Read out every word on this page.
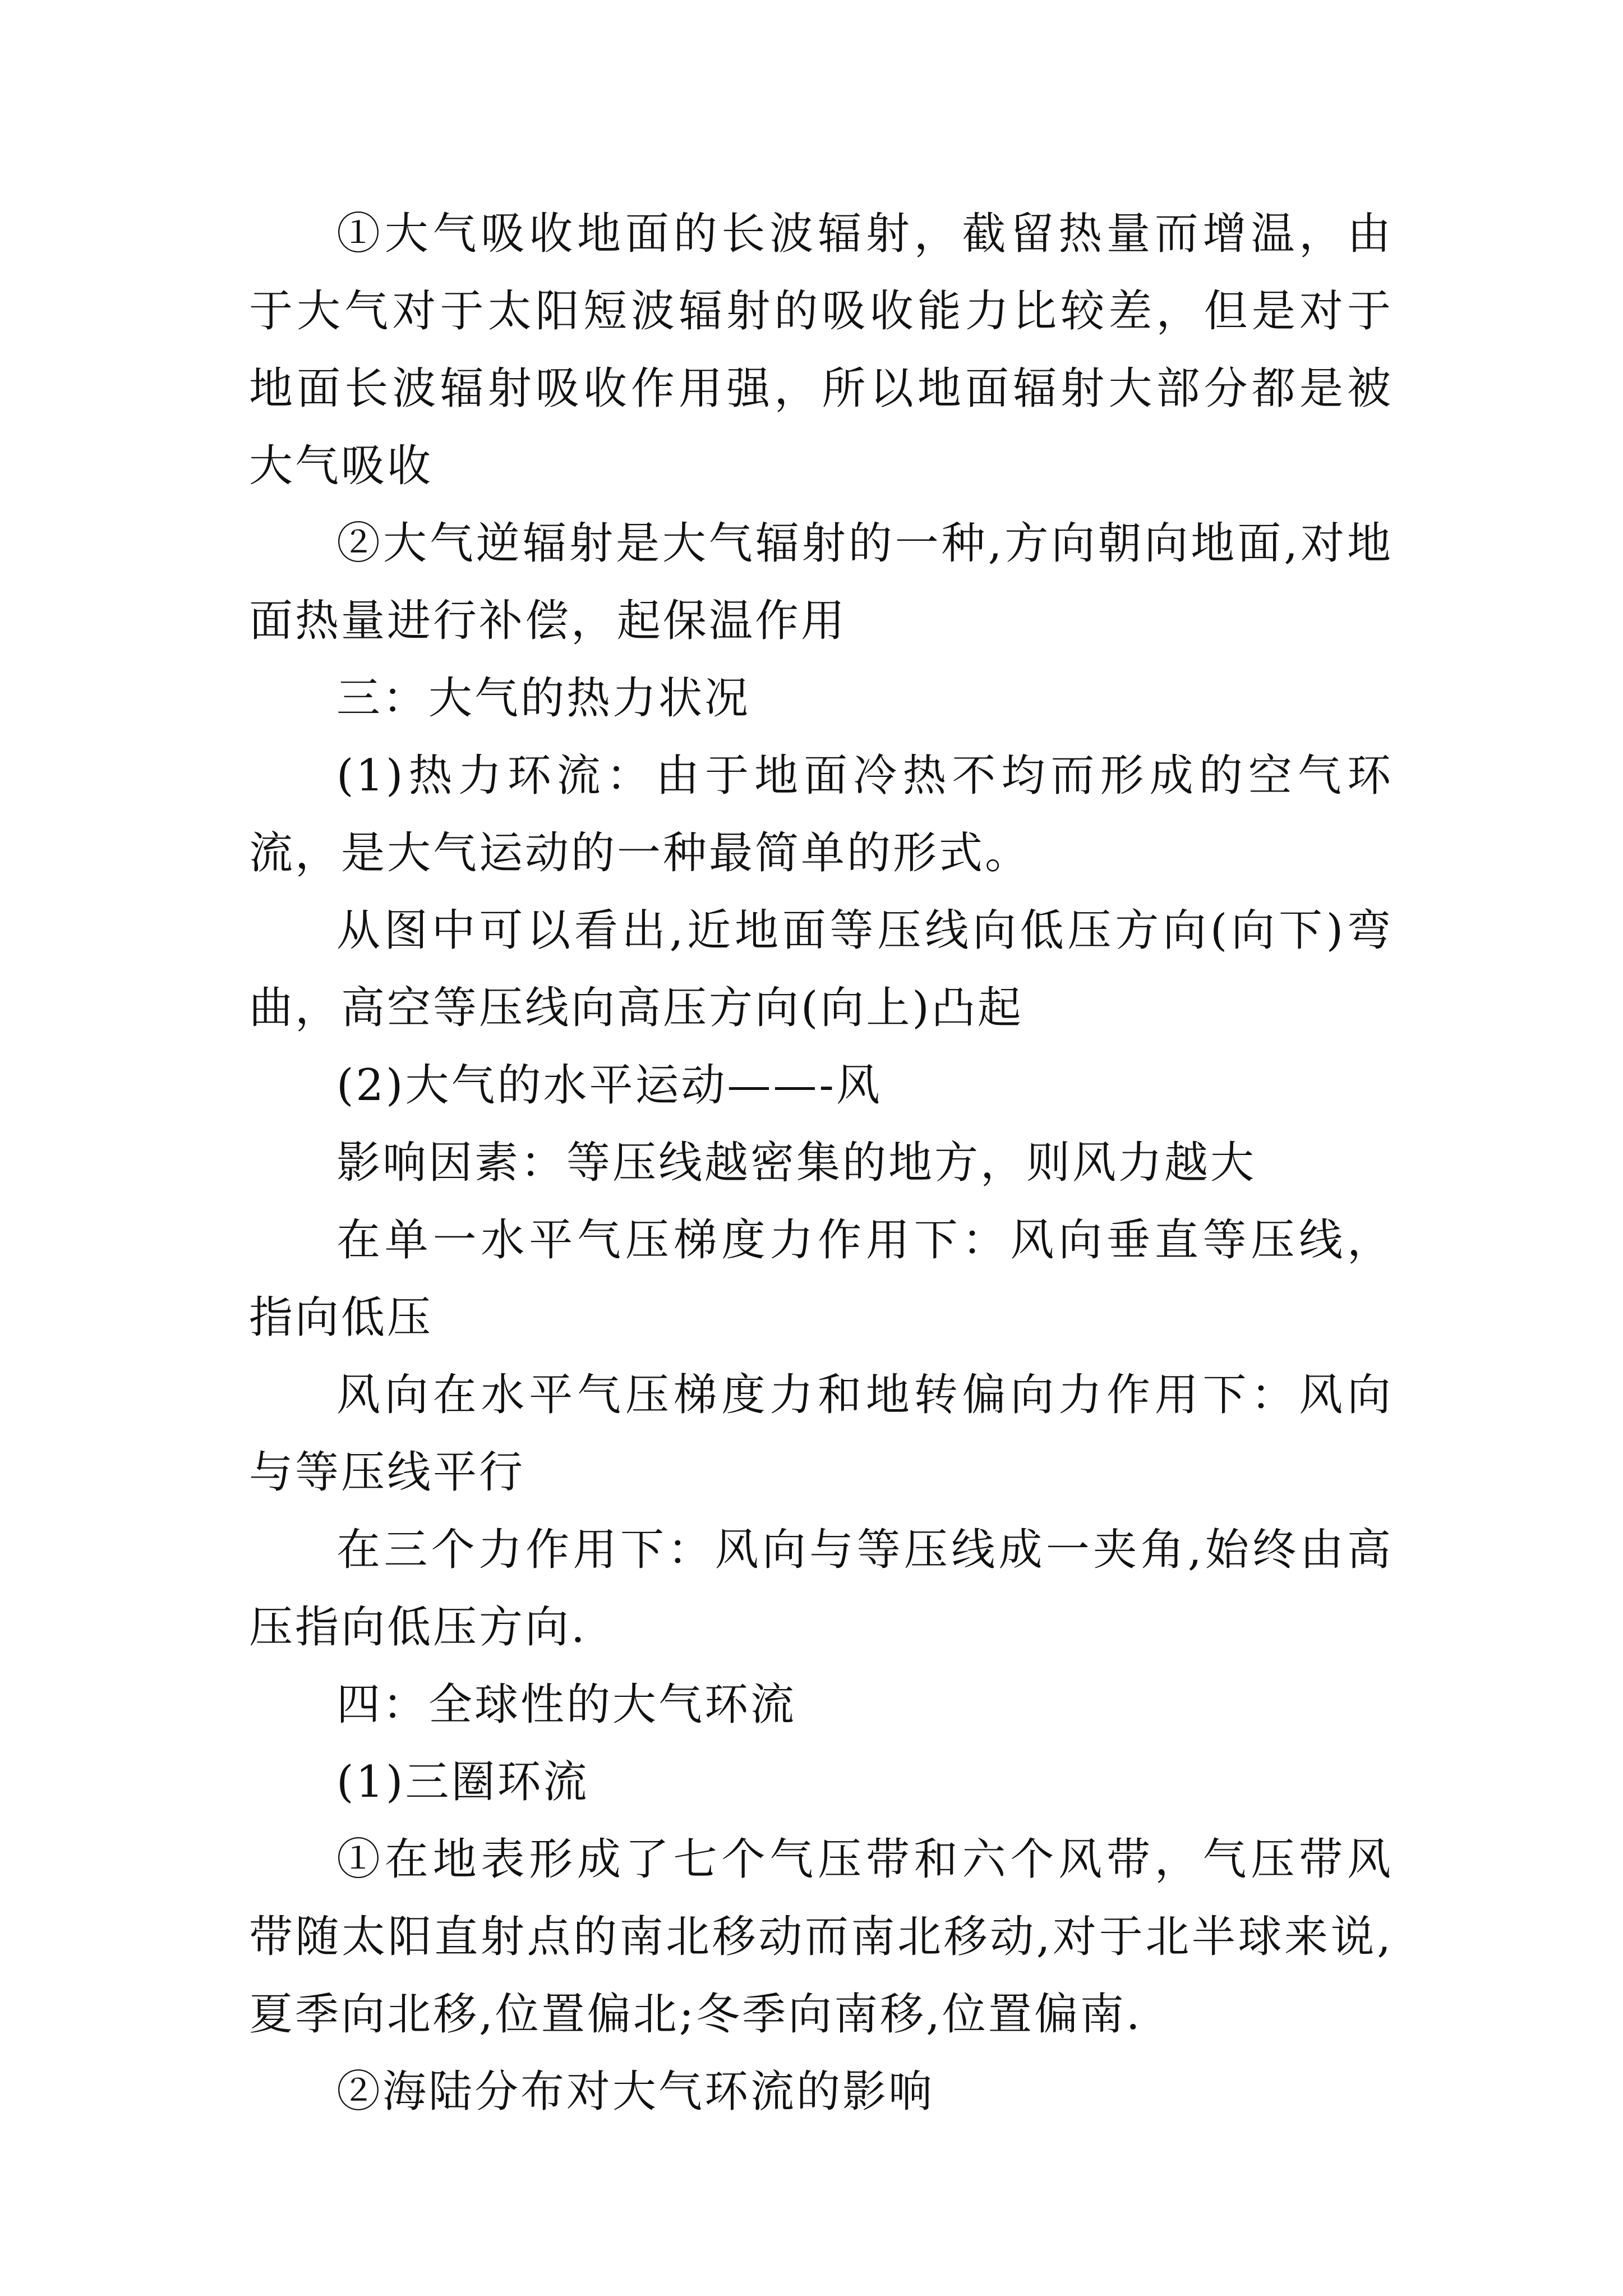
①大气吸收地面的长波辐射，截留热量而增温，由于大气对于太阳短波辐射的吸收能力比较差，但是对于地面长波辐射吸收作用强，所以地面辐射大部分都是被大气吸收

②大气逆辐射是大气辐射的一种,方向朝向地面,对地面热量进行补偿，起保温作用

三：大气的热力状况

(1)热力环流：由于地面冷热不均而形成的空气环流，是大气运动的一种最简单的形式。

从图中可以看出,近地面等压线向低压方向(向下)弯曲，高空等压线向高压方向(向上)凸起

(2)大气的水平运动——-风

影响因素：等压线越密集的地方，则风力越大

在单一水平气压梯度力作用下：风向垂直等压线，指向低压

风向在水平气压梯度力和地转偏向力作用下：风向与等压线平行

在三个力作用下：风向与等压线成一夹角,始终由高压指向低压方向.

四：全球性的大气环流

(1)三圈环流

①在地表形成了七个气压带和六个风带，气压带风带随太阳直射点的南北移动而南北移动,对于北半球来说,夏季向北移,位置偏北;冬季向南移,位置偏南.

②海陆分布对大气环流的影响
